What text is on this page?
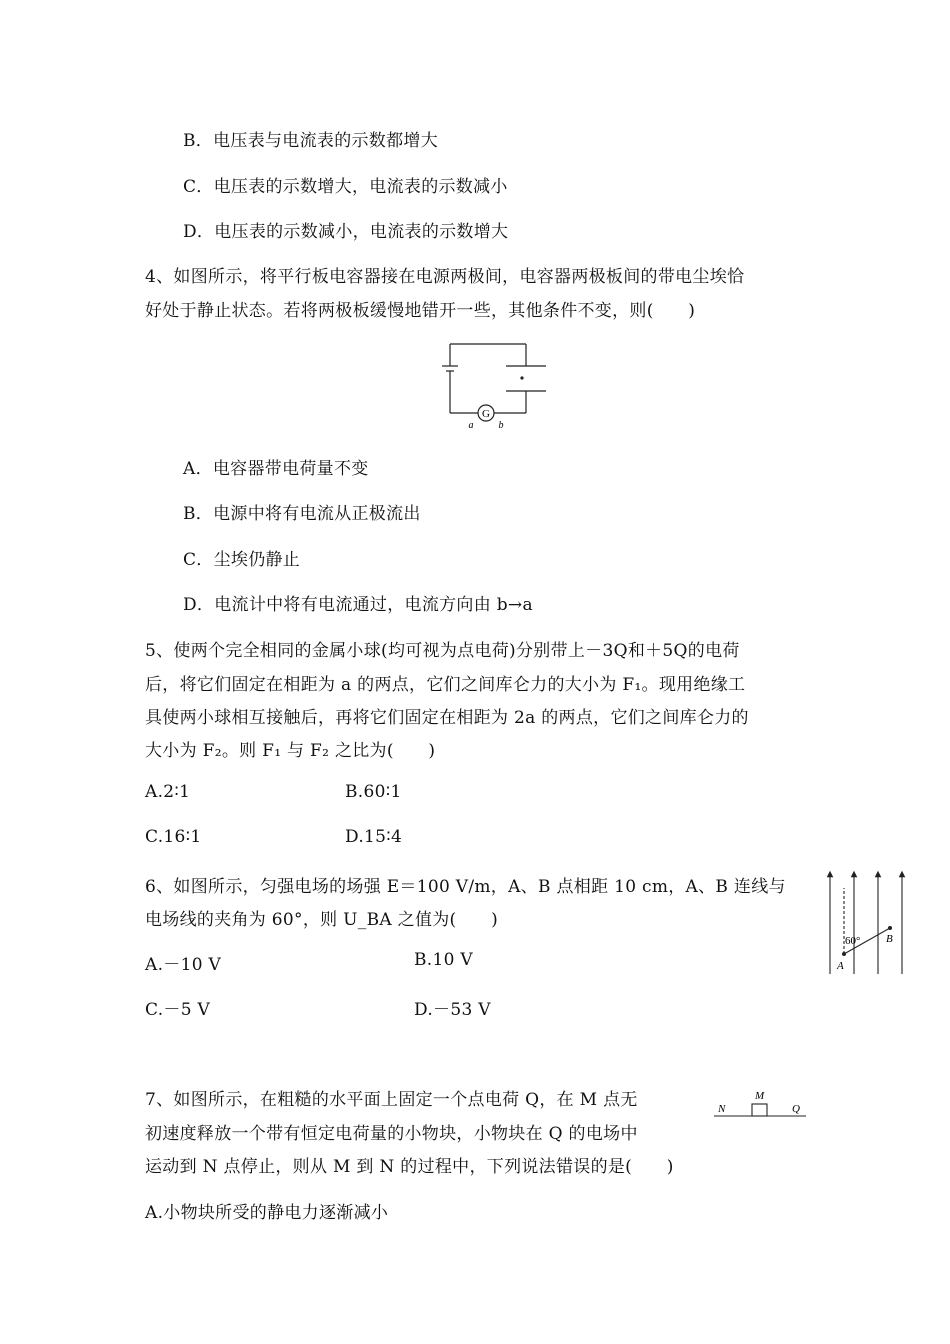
B．电压表与电流表的示数都增大
C．电压表的示数增大，电流表的示数减小
D．电压表的示数减小，电流表的示数增大
4、如图所示，将平行板电容器接在电源两极间，电容器两极板间的带电尘埃恰
好处于静止状态。若将两极板缓慢地错开一些，其他条件不变，则(　　)
G
a	b
A．电容器带电荷量不变
B．电源中将有电流从正极流出
C．尘埃仍静止
D．电流计中将有电流通过，电流方向由 b→a
5、使两个完全相同的金属小球(均可视为点电荷)分别带上－3Q和＋5Q的电荷
后，将它们固定在相距为 a 的两点，它们之间库仑力的大小为 F₁。现用绝缘工
具使两小球相互接触后，再将它们固定在相距为 2a 的两点，它们之间库仑力的
大小为 F₂。则 F₁ 与 F₂ 之比为(　　)
A.2∶1	B.60∶1
C.16∶1	D.15∶4
6、如图所示，匀强电场的场强 E＝100 V/m，A、B 点相距 10 cm，A、B 连线与
电场线的夹角为 60°，则 U_BA 之值为(　　)
60°
A
B
A.－10 V	B.10 V
C.－5 V	D.－53 V
7、如图所示，在粗糙的水平面上固定一个点电荷 Q，在 M 点无
初速度释放一个带有恒定电荷量的小物块，小物块在 Q 的电场中
运动到 N 点停止，则从 M 到 N 的过程中，下列说法错误的是(　　)
N
M
Q
A.小物块所受的静电力逐渐减小
